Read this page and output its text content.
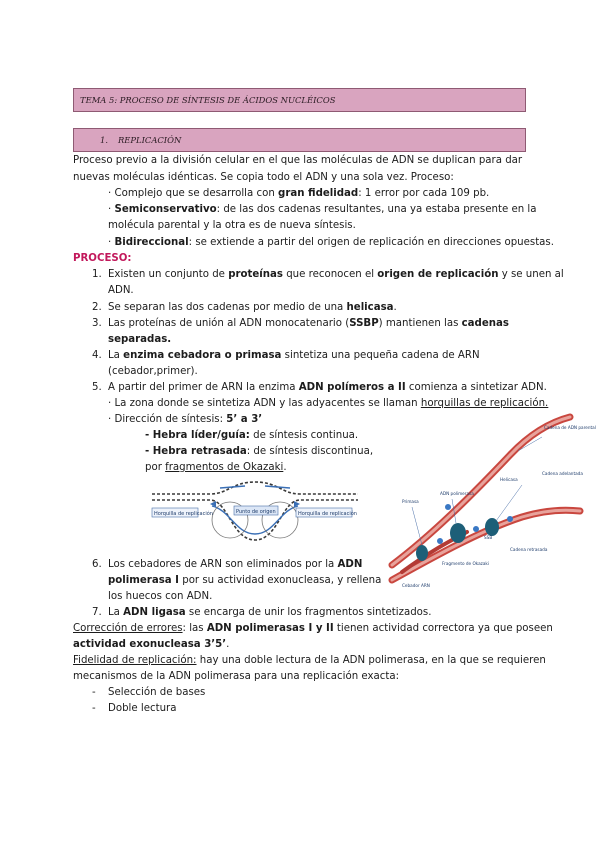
TEMA 5: PROCESO DE SÍNTESIS DE ÁCIDOS NUCLÉICOS
1. REPLICACIÓN
Proceso previo a la división celular en el que las moléculas de ADN se duplican para dar
nuevas moléculas idénticas. Se copia todo el ADN y una sola vez. Proceso:
· Complejo que se desarrolla con gran fidelidad: 1 error por cada 109 pb.
· Semiconservativo: de las dos cadenas resultantes, una ya estaba presente en la
molécula parental y la otra es de nueva síntesis.
· Bidireccional: se extiende a partir del origen de replicación en direcciones opuestas.
PROCESO:
1. Existen un conjunto de proteínas que reconocen el origen de replicación y se unen al
ADN.
2. Se separan las dos cadenas por medio de una helicasa.
3. Las proteínas de unión al ADN monocatenario (SSBP) mantienen las cadenas
separadas.
4. La enzima cebadora o primasa sintetiza una pequeña cadena de ARN
(cebador,primer).
5. A partir del primer de ARN la enzima ADN polímeros a II comienza a sintetizar ADN.
· La zona donde se sintetiza ADN y las adyacentes se llaman horquillas de replicación.
· Dirección de síntesis: 5’ a 3’
- Hebra líder/guía: de síntesis continua.
- Hebra retrasada: de síntesis discontinua,
por fragmentos de Okazaki.
Horquilla de replicación	Punto de origen	Horquilla de replicación
Cadena de ADN parental
Cadena adelantada
Cadena retrasada
Primasa
ADN polimerasa
Helicasa
SSB
Fragmento de Okazaki
Cebador ARN
6. Los cebadores de ARN son eliminados por la ADN
polimerasa I por su actividad exonucleasa, y rellena
los huecos con ADN.
7. La ADN ligasa se encarga de unir los fragmentos sintetizados.
Corrección de errores: las ADN polimerasas I y II tienen actividad correctora ya que poseen
actividad exonucleasa 3’5’.
Fidelidad de replicación: hay una doble lectura de la ADN polimerasa, en la que se requieren
mecanismos de la ADN polimerasa para una replicación exacta:
- Selección de bases
- Doble lectura
